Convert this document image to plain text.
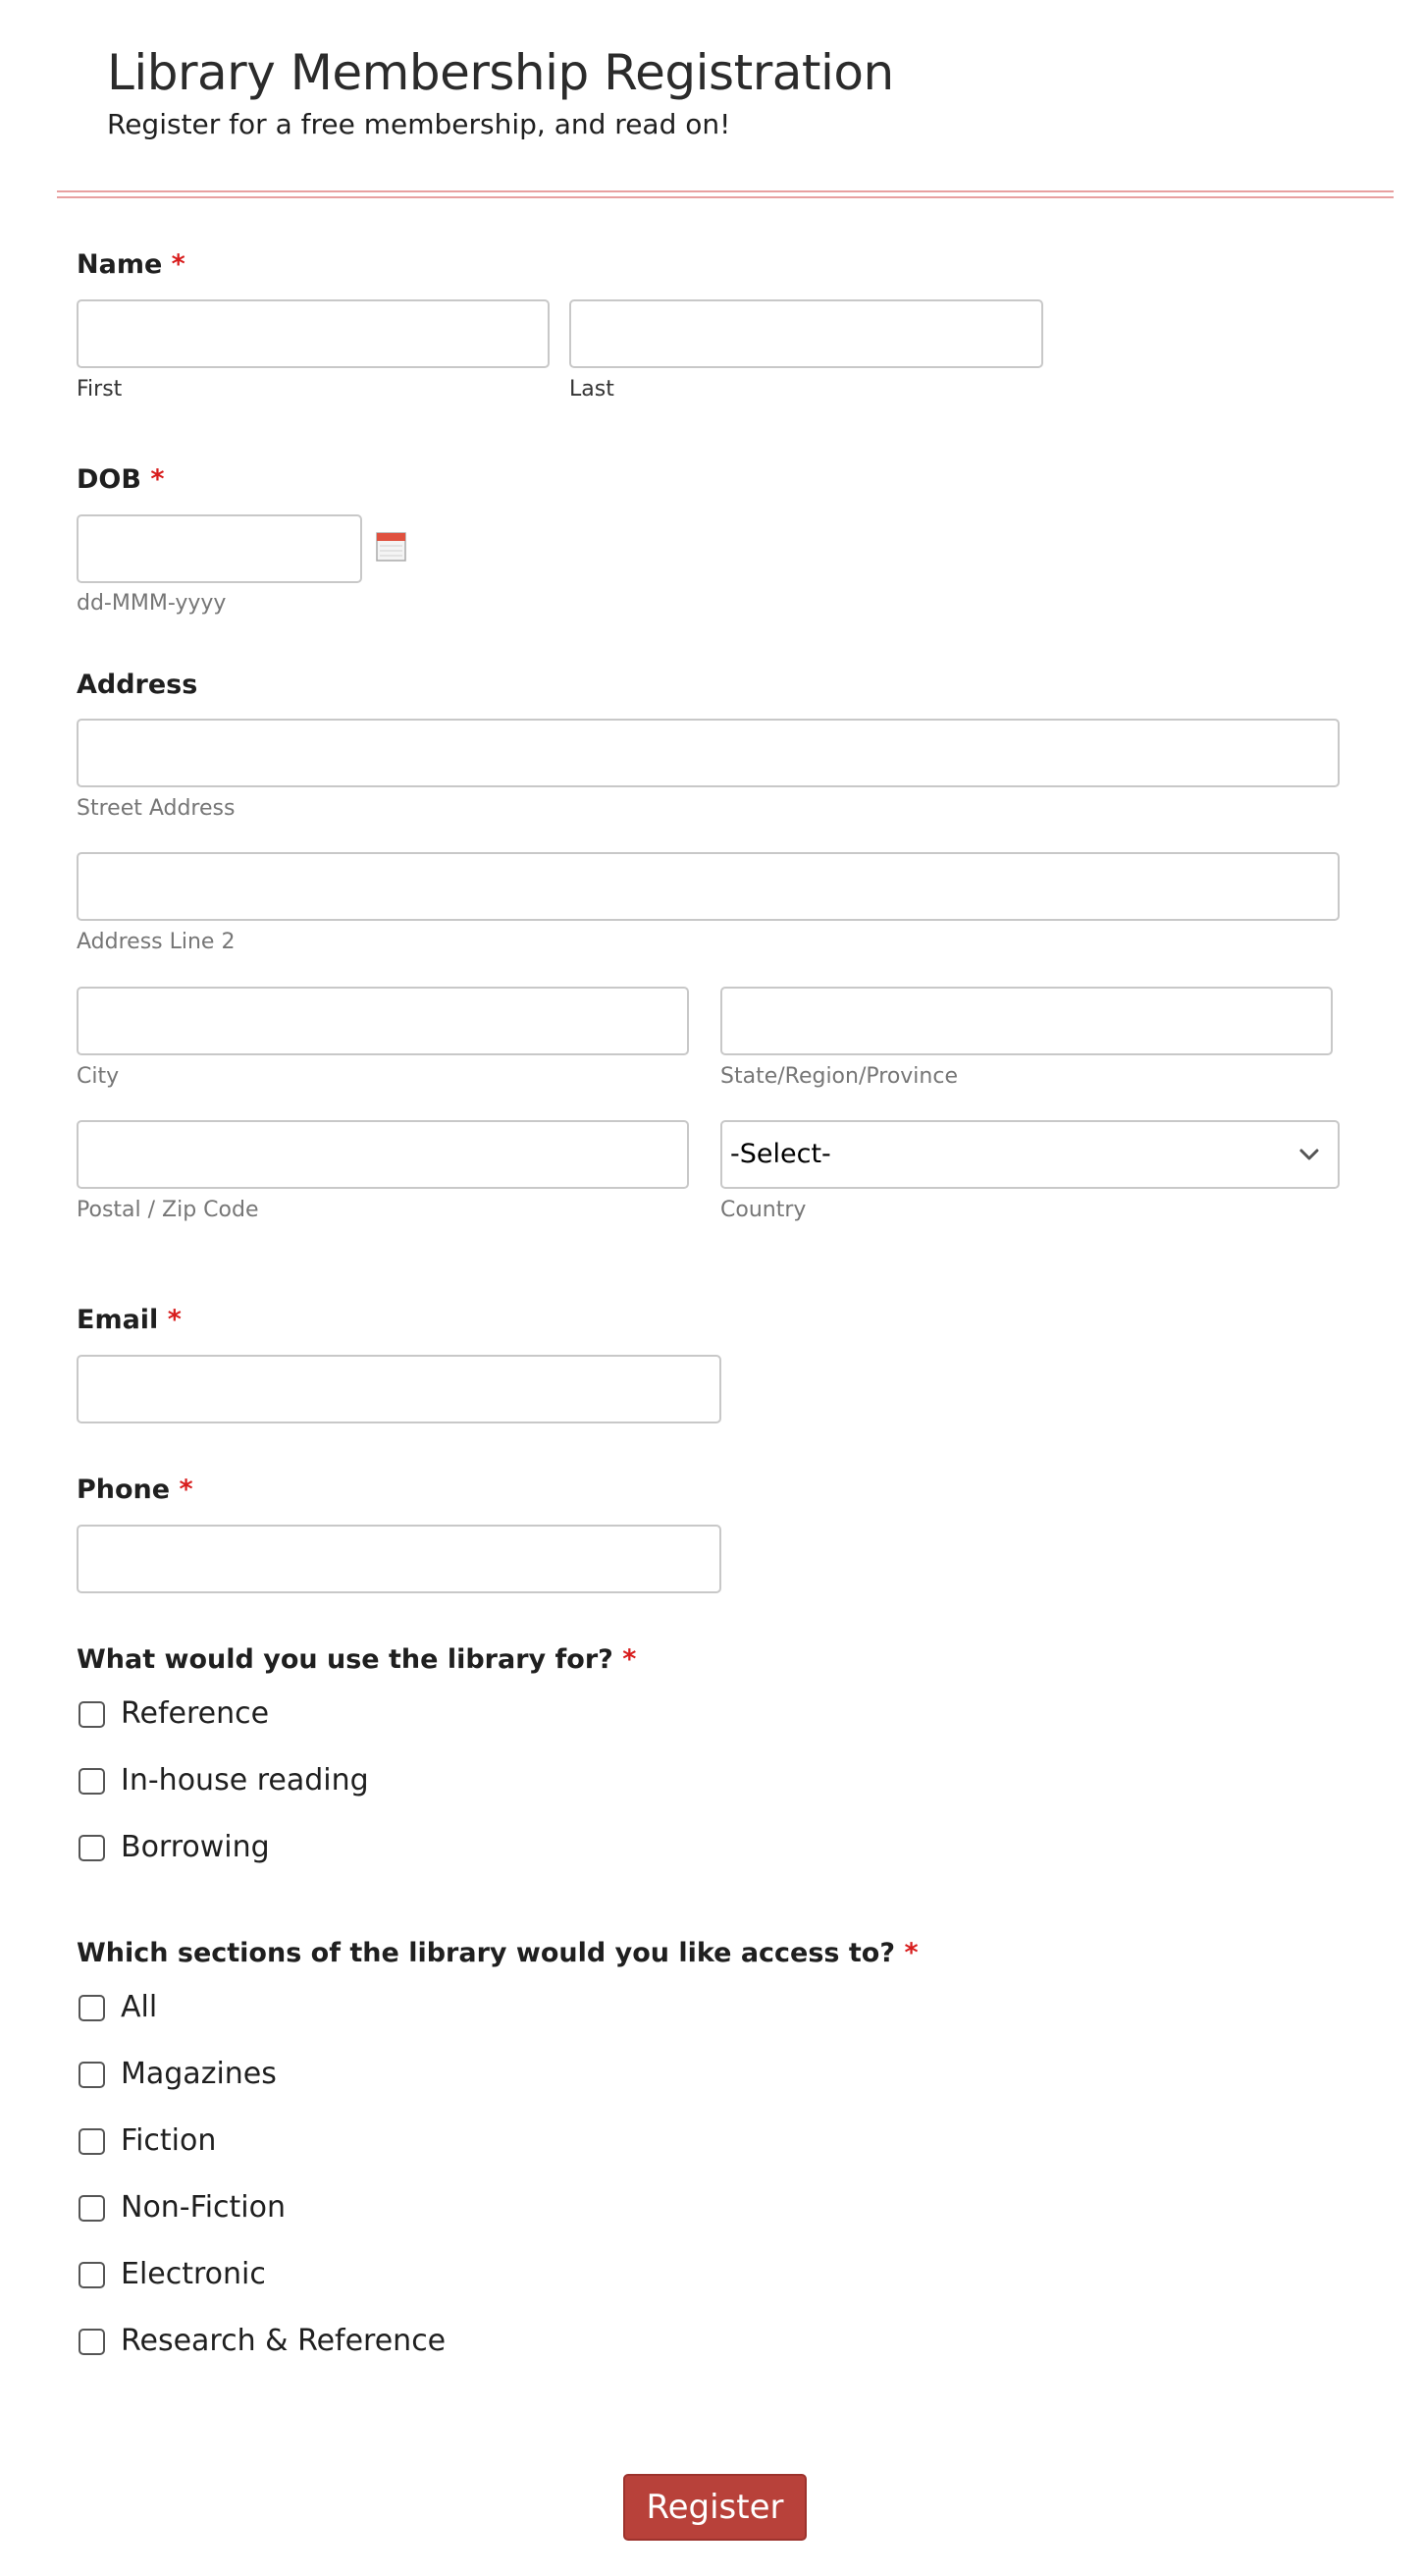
Library Membership Registration
Register for a free membership, and read on!
Name *
First	Last
DOB *
dd-MMM-yyyy
Address
Street Address
Address Line 2
City	State/Region/Province
Postal / Zip Code
-Select-
Country
Email *
Phone *
What would you use the library for? *
Reference
In-house reading
Borrowing
Which sections of the library would you like access to? *
All
Magazines
Fiction
Non-Fiction
Electronic
Research & Reference
Register
